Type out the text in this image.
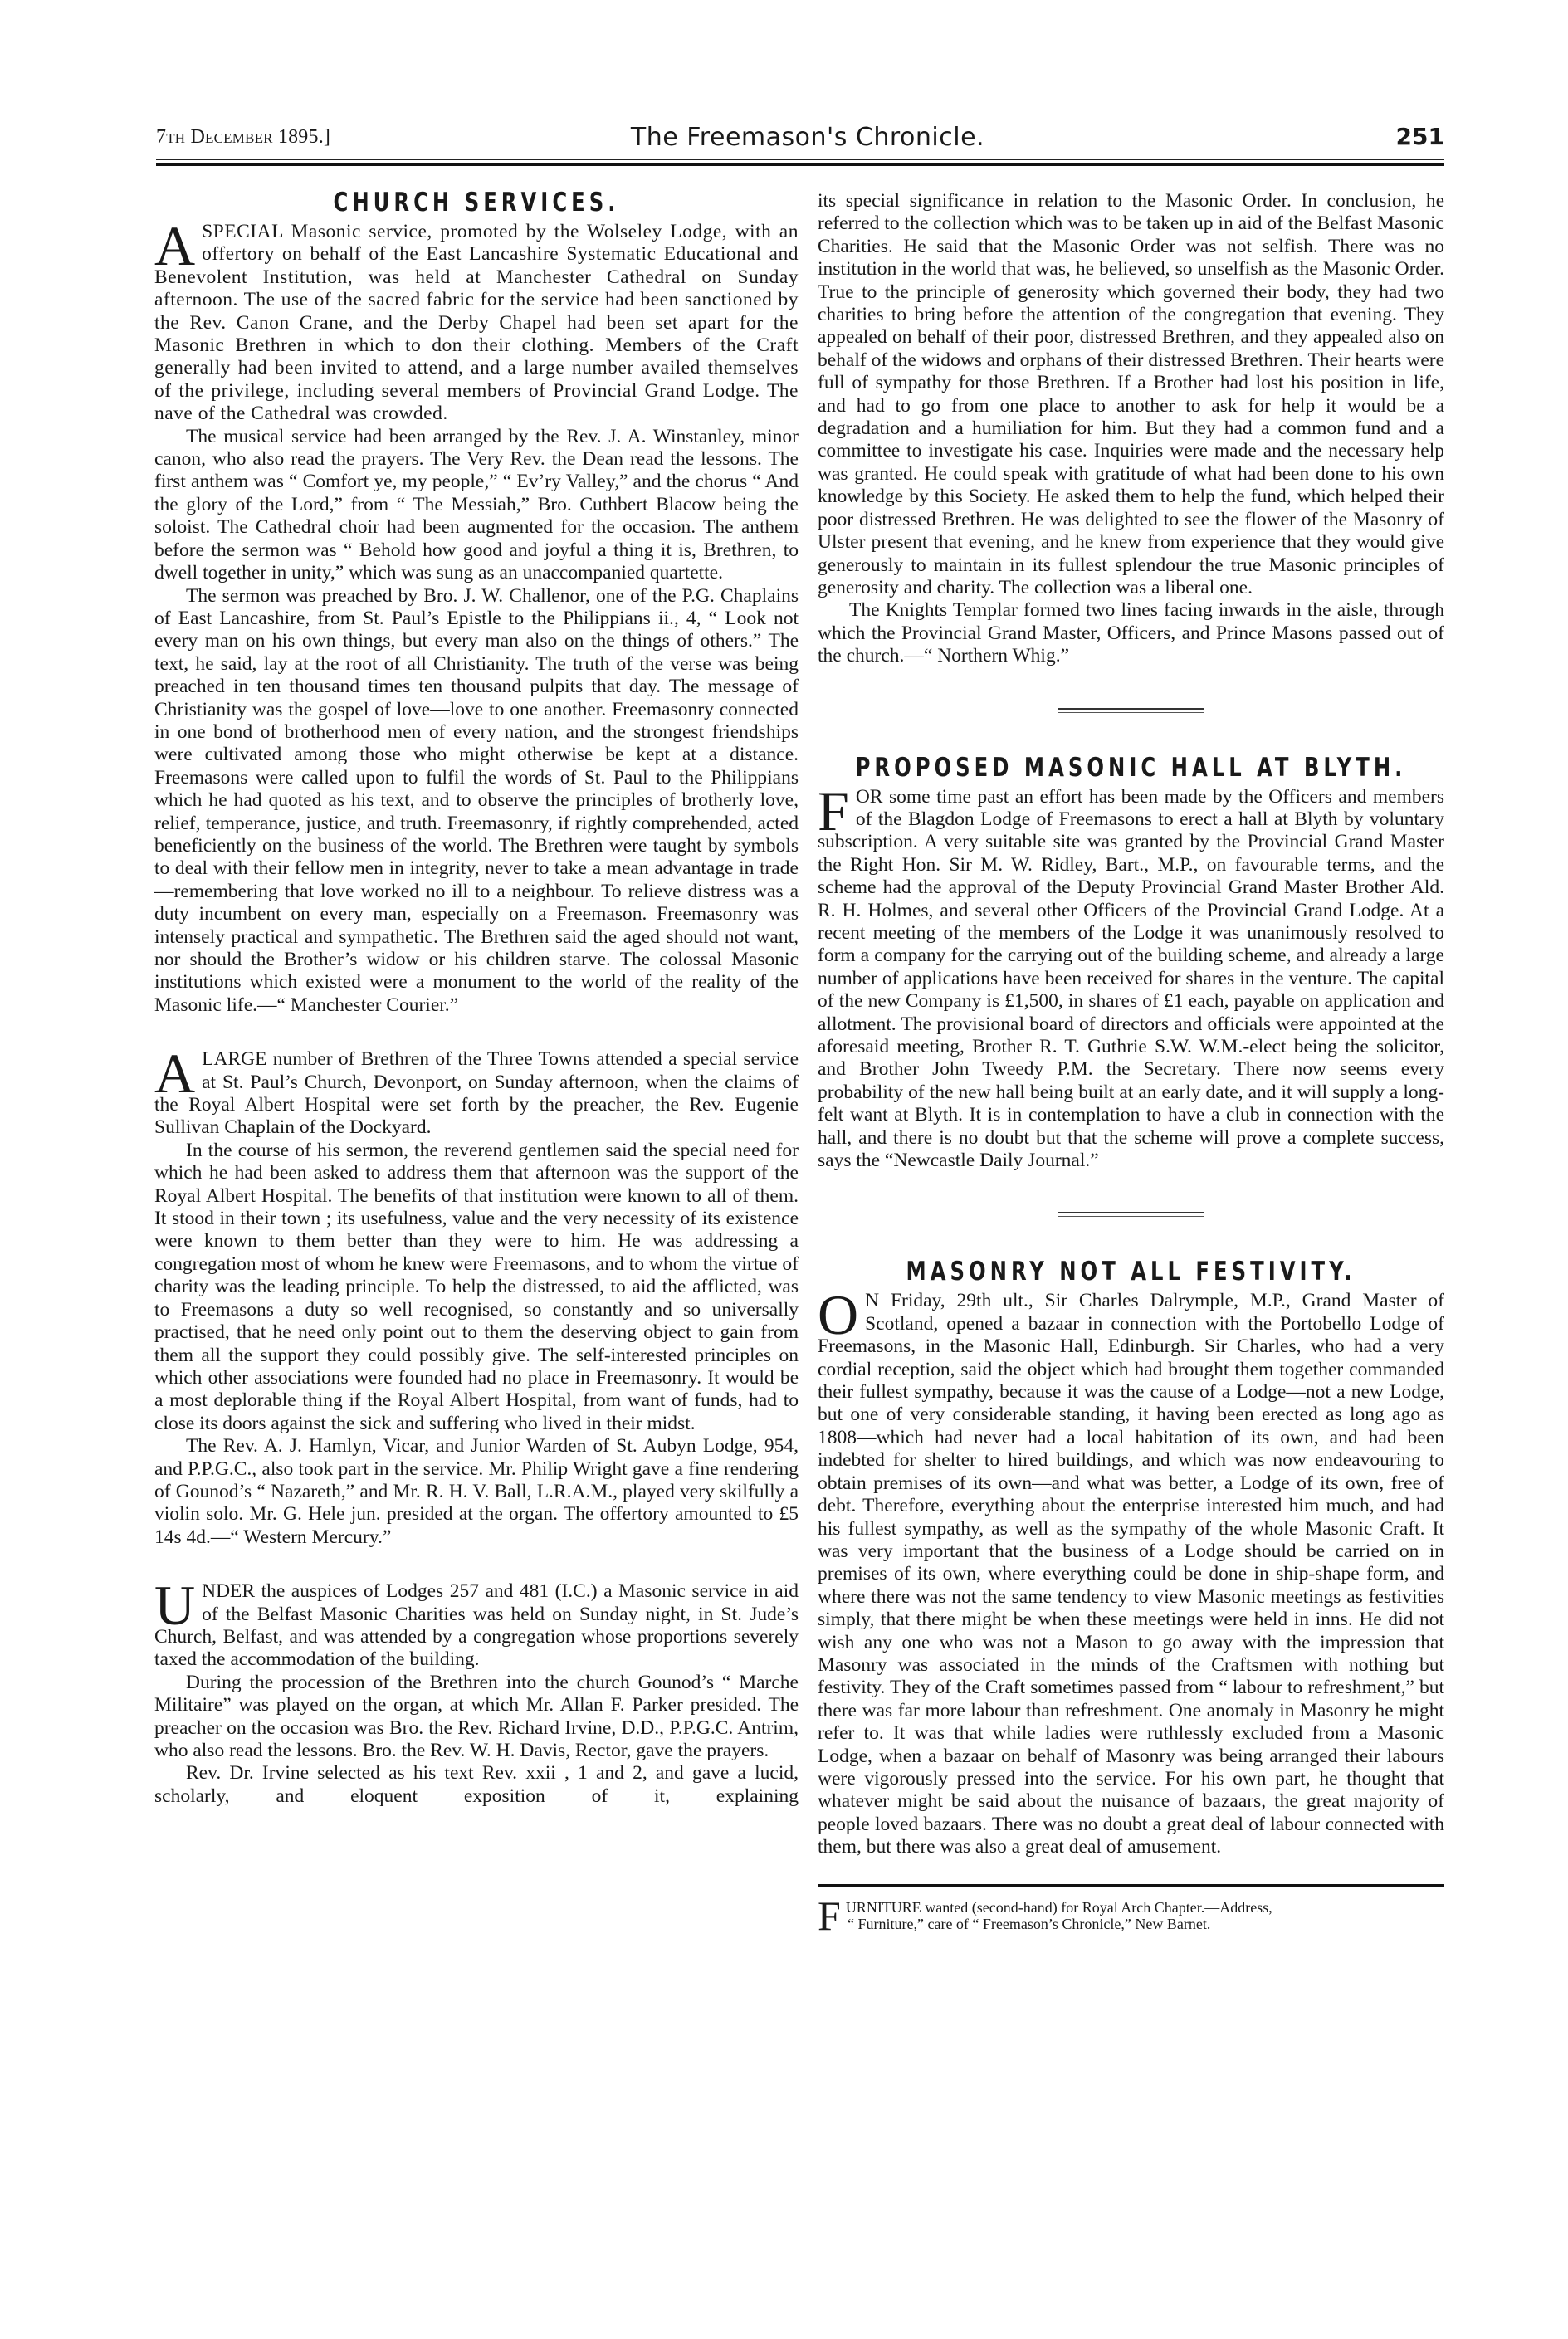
7th December 1895.]	The Freemason's Chronicle.	251
CHURCH SERVICES.

A SPECIAL Masonic service, promoted by the Wolseley Lodge, with an offertory on behalf of the East Lancashire Systematic Educational and Benevolent Institution, was held at Manchester Cathedral on Sunday afternoon. The use of the sacred fabric for the service had been sanctioned by the Rev. Canon Crane, and the Derby Chapel had been set apart for the Masonic Brethren in which to don their clothing. Members of the Craft generally had been invited to attend, and a large number availed themselves of the privilege, including several members of Provincial Grand Lodge. The nave of the Cathedral was crowded.

The musical service had been arranged by the Rev. J. A. Winstanley, minor canon, who also read the prayers. The Very Rev. the Dean read the lessons. The first anthem was “ Comfort ye, my people,” “ Ev’ry Valley,” and the chorus “ And the glory of the Lord,” from “ The Messiah,” Bro. Cuthbert Blacow being the soloist. The Cathedral choir had been augmented for the occasion. The anthem before the sermon was “ Behold how good and joyful a thing it is, Brethren, to dwell together in unity,” which was sung as an unaccompanied quartette.

The sermon was preached by Bro. J. W. Challenor, one of the P.G. Chaplains of East Lancashire, from St. Paul’s Epistle to the Philippians ii., 4, “ Look not every man on his own things, but every man also on the things of others.” The text, he said, lay at the root of all Christianity. The truth of the verse was being preached in ten thousand times ten thousand pulpits that day. The message of Christianity was the gospel of love—love to one another. Freemasonry connected in one bond of brotherhood men of every nation, and the strongest friendships were cultivated among those who might otherwise be kept at a distance. Freemasons were called upon to fulfil the words of St. Paul to the Philippians which he had quoted as his text, and to observe the principles of brotherly love, relief, temperance, justice, and truth. Freemasonry, if rightly comprehended, acted beneficiently on the business of the world. The Brethren were taught by symbols to deal with their fellow men in integrity, never to take a mean advantage in trade—remembering that love worked no ill to a neighbour. To relieve distress was a duty incumbent on every man, especially on a Freemason. Freemasonry was intensely practical and sympathetic. The Brethren said the aged should not want, nor should the Brother’s widow or his children starve. The colossal Masonic institutions which existed were a monument to the world of the reality of the Masonic life.—“ Manchester Courier.”

A LARGE number of Brethren of the Three Towns attended a special service at St. Paul’s Church, Devonport, on Sunday afternoon, when the claims of the Royal Albert Hospital were set forth by the preacher, the Rev. Eugenie Sullivan Chaplain of the Dockyard.

In the course of his sermon, the reverend gentlemen said the special need for which he had been asked to address them that afternoon was the support of the Royal Albert Hospital. The benefits of that institution were known to all of them. It stood in their town ; its usefulness, value and the very necessity of its existence were known to them better than they were to him. He was addressing a congregation most of whom he knew were Freemasons, and to whom the virtue of charity was the leading principle. To help the distressed, to aid the afflicted, was to Freemasons a duty so well recognised, so constantly and so universally practised, that he need only point out to them the deserving object to gain from them all the support they could possibly give. The self-interested principles on which other associations were founded had no place in Freemasonry. It would be a most deplorable thing if the Royal Albert Hospital, from want of funds, had to close its doors against the sick and suffering who lived in their midst.

The Rev. A. J. Hamlyn, Vicar, and Junior Warden of St. Aubyn Lodge, 954, and P.P.G.C., also took part in the service. Mr. Philip Wright gave a fine rendering of Gounod’s “ Nazareth,” and Mr. R. H. V. Ball, L.R.A.M., played very skilfully a violin solo. Mr. G. Hele jun. presided at the organ. The offertory amounted to £5 14s 4d.—“ Western Mercury.”

UNDER the auspices of Lodges 257 and 481 (I.C.) a Masonic service in aid of the Belfast Masonic Charities was held on Sunday night, in St. Jude’s Church, Belfast, and was attended by a congregation whose proportions severely taxed the accommodation of the building.

During the procession of the Brethren into the church Gounod’s “ Marche Militaire” was played on the organ, at which Mr. Allan F. Parker presided. The preacher on the occasion was Bro. the Rev. Richard Irvine, D.D., P.P.G.C. Antrim, who also read the lessons. Bro. the Rev. W. H. Davis, Rector, gave the prayers.

Rev. Dr. Irvine selected as his text Rev. xxii , 1 and 2, and gave a lucid, scholarly, and eloquent exposition of it, explaining

its special significance in relation to the Masonic Order. In conclusion, he referred to the collection which was to be taken up in aid of the Belfast Masonic Charities. He said that the Masonic Order was not selfish. There was no institution in the world that was, he believed, so unselfish as the Masonic Order. True to the principle of generosity which governed their body, they had two charities to bring before the attention of the congregation that evening. They appealed on behalf of their poor, distressed Brethren, and they appealed also on behalf of the widows and orphans of their distressed Brethren. Their hearts were full of sympathy for those Brethren. If a Brother had lost his position in life, and had to go from one place to another to ask for help it would be a degradation and a humiliation for him. But they had a common fund and a committee to investigate his case. Inquiries were made and the necessary help was granted. He could speak with gratitude of what had been done to his own knowledge by this Society. He asked them to help the fund, which helped their poor distressed Brethren. He was delighted to see the flower of the Masonry of Ulster present that evening, and he knew from experience that they would give generously to maintain in its fullest splendour the true Masonic principles of generosity and charity. The collection was a liberal one.

The Knights Templar formed two lines facing inwards in the aisle, through which the Provincial Grand Master, Officers, and Prince Masons passed out of the church.—“ Northern Whig.”

PROPOSED MASONIC HALL AT BLYTH.

FOR some time past an effort has been made by the Officers and members of the Blagdon Lodge of Freemasons to erect a hall at Blyth by voluntary subscription. A very suitable site was granted by the Provincial Grand Master the Right Hon. Sir M. W. Ridley, Bart., M.P., on favourable terms, and the scheme had the approval of the Deputy Provincial Grand Master Brother Ald. R. H. Holmes, and several other Officers of the Provincial Grand Lodge. At a recent meeting of the members of the Lodge it was unanimously resolved to form a company for the carrying out of the building scheme, and already a large number of applications have been received for shares in the venture. The capital of the new Company is £1,500, in shares of £1 each, payable on application and allotment. The provisional board of directors and officials were appointed at the aforesaid meeting, Brother R. T. Guthrie S.W. W.M.-elect being the solicitor, and Brother John Tweedy P.M. the Secretary. There now seems every probability of the new hall being built at an early date, and it will supply a long-felt want at Blyth. It is in contemplation to have a club in connection with the hall, and there is no doubt but that the scheme will prove a complete success, says the “Newcastle Daily Journal.”

MASONRY NOT ALL FESTIVITY.

O N Friday, 29th ult., Sir Charles Dalrymple, M.P., Grand Master of Scotland, opened a bazaar in connection with the Portobello Lodge of Freemasons, in the Masonic Hall, Edinburgh. Sir Charles, who had a very cordial reception, said the object which had brought them together commanded their fullest sympathy, because it was the cause of a Lodge—not a new Lodge, but one of very considerable standing, it having been erected as long ago as 1808—which had never had a local habitation of its own, and had been indebted for shelter to hired buildings, and which was now endeavouring to obtain premises of its own—and what was better, a Lodge of its own, free of debt. Therefore, everything about the enterprise interested him much, and had his fullest sympathy, as well as the sympathy of the whole Masonic Craft. It was very important that the business of a Lodge should be carried on in premises of its own, where everything could be done in ship-shape form, and where there was not the same tendency to view Masonic meetings as festivities simply, that there might be when these meetings were held in inns. He did not wish any one who was not a Mason to go away with the impression that Masonry was associated in the minds of the Craftsmen with nothing but festivity. They of the Craft sometimes passed from “ labour to refreshment,” but there was far more labour than refreshment. One anomaly in Masonry he might refer to. It was that while ladies were ruthlessly excluded from a Masonic Lodge, when a bazaar on behalf of Masonry was being arranged their labours were vigorously pressed into the service. For his own part, he thought that whatever might be said about the nuisance of bazaars, the great majority of people loved bazaars. There was no doubt a great deal of labour connected with them, but there was also a great deal of amusement.

F URNITURE wanted (second-hand) for Royal Arch Chapter.—Address,
“ Furniture,” care of “ Freemason’s Chronicle,” New Barnet.
